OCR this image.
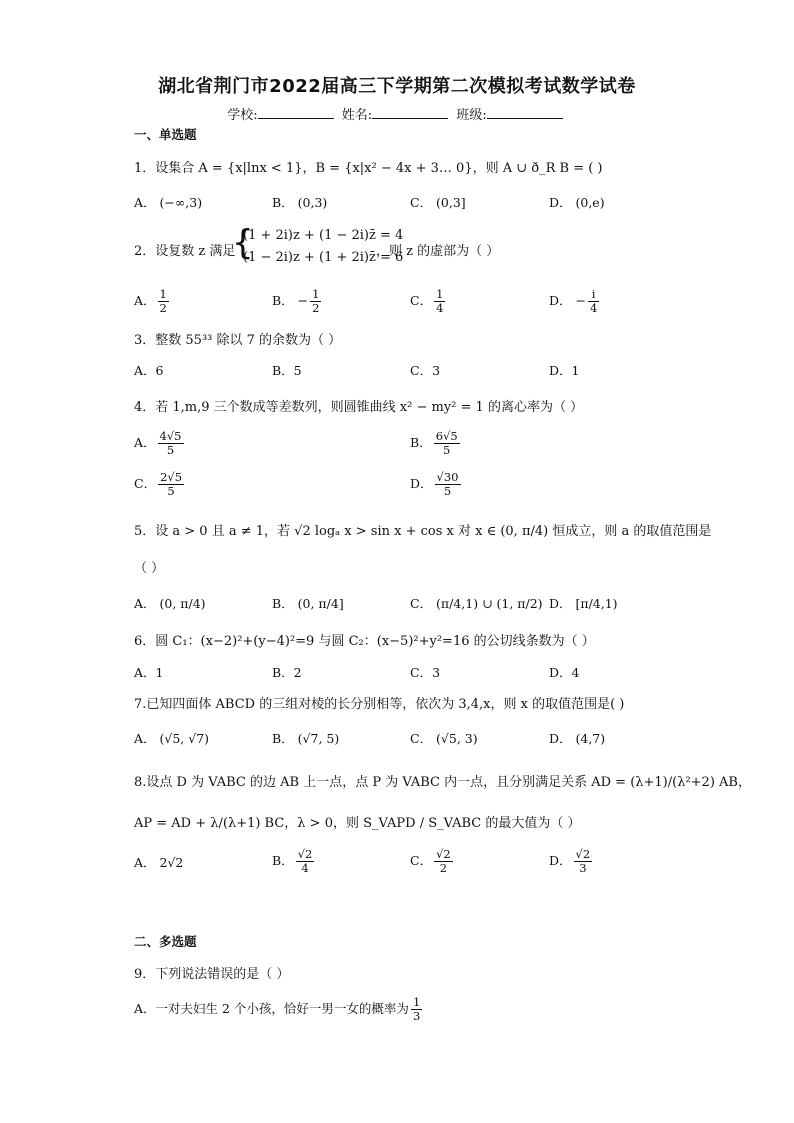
湖北省荆门市2022届高三下学期第二次模拟考试数学试卷
学校:	姓名:	班级:
一、单选题
1．设集合 A = {x|lnx < 1}，B = {x|x² − 4x + 3… 0}，则 A ∪ ð_R B = ( )
A． (−∞,3)	B． (0,3)	C． (0,3]	D． (0,e)
2．设复数 z 满足
{
(1 + 2i)z + (1 − 2i)z̄ = 4
(1 − 2i)z + (1 + 2i)z̄ = 6
，则 z 的虚部为（ ）
A． $\frac{1}{2}$	B． − $\frac{1}{2}$	C． $\frac{1}{4}$	D． − $\frac{i}{4}$
3．整数 55³³ 除以 7 的余数为（ ）
A．6	B．5	C．3	D．1
4．若 1,m,9 三个数成等差数列，则圆锥曲线 x² − my² = 1 的离心率为（ ）
A． $\frac{4√5}{5}$	B． $\frac{6√5}{5}$
C． $\frac{2√5}{5}$	D． $\frac{√30}{5}$
5．设 a > 0 且 a ≠ 1，若 √2 logₐ x > sin x + cos x 对 x ∈ (0, π/4) 恒成立，则 a 的取值范围是
（ ）
A． (0, π/4)	B． (0, π/4]	C． (π/4,1) ∪ (1, π/2) D． [π/4,1)
6．圆 C₁：(x−2)²+(y−4)²=9 与圆 C₂：(x−5)²+y²=16 的公切线条数为（ ）
A．1	B．2	C．3	D．4
7.已知四面体 ABCD 的三组对棱的长分别相等，依次为 3,4,x，则 x 的取值范围是( )
A． (√5, √7)	B． (√7, 5)	C． (√5, 3)	D． (4,7)
8.设点 D 为 VABC 的边 AB 上一点，点 P 为 VABC 内一点，且分别满足关系 AD = (λ+1)/(λ²+2) AB，
AP = AD + λ/(λ+1) BC，λ > 0，则 S_VAPD / S_VABC 的最大值为（ ）
A． 2√2	B． $\frac{√2}{4}$	C． $\frac{√2}{2}$	D． $\frac{√2}{3}$
二、多选题
9．下列说法错误的是（ ）
A．一对夫妇生 2 个小孩，恰好一男一女的概率为 $\frac{1}{3}$
